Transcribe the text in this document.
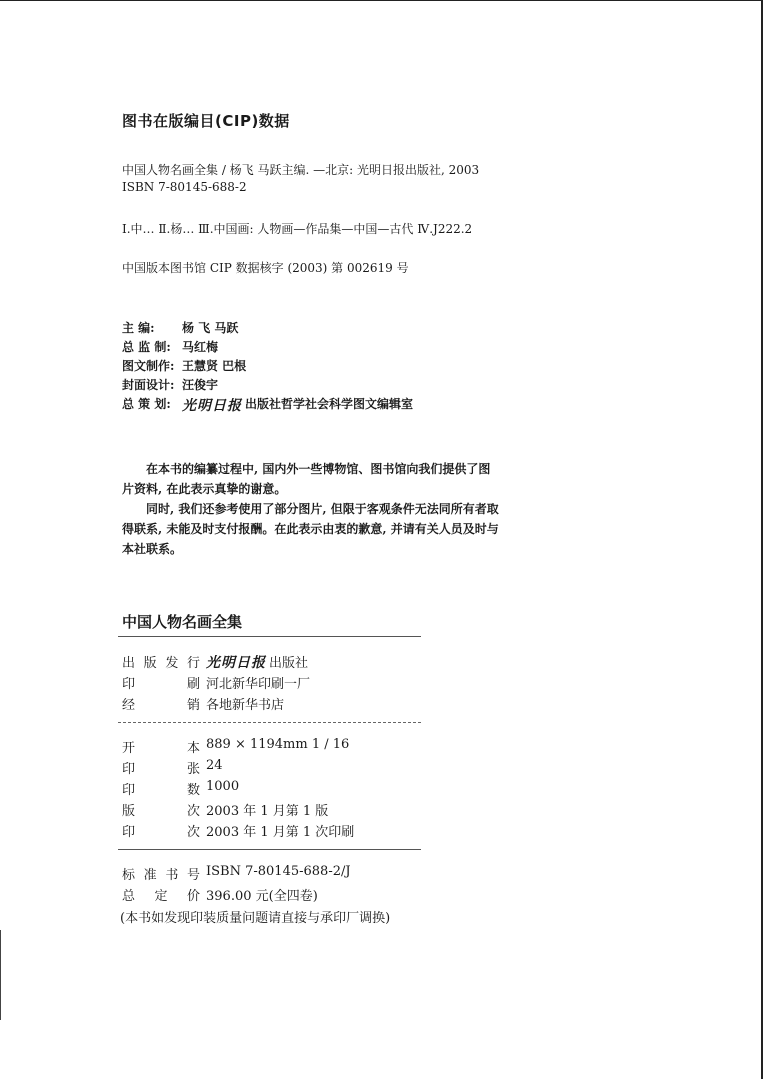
图书在版编目(CIP)数据
中国人物名画全集 / 杨飞 马跃主编. —北京: 光明日报出版社, 2003
ISBN 7-80145-688-2
Ⅰ.中… Ⅱ.杨… Ⅲ.中国画: 人物画—作品集—中国—古代 Ⅳ.J222.2
中国版本图书馆 CIP 数据核字 (2003) 第 002619 号
主 编:	杨 飞 马跃
总 监 制: 马红梅
图文制作: 王慧贤 巴根
封面设计: 汪俊宇
总 策 划: 光明日报 出版社哲学社会科学图文编辑室

在本书的编纂过程中, 国内外一些博物馆、图书馆向我们提供了图片资料, 在此表示真挚的谢意。

同时, 我们还参考使用了部分图片, 但限于客观条件无法同所有者取得联系, 未能及时支付报酬。在此表示由衷的歉意, 并请有关人员及时与本社联系。

中国人物名画全集
出版发行 光明日报 出版社
印刷 河北新华印刷一厂
经销 各地新华书店
开本 889 × 1194mm 1 / 16
印张 24
印数 1000
版次 2003 年 1 月第 1 版
印次 2003 年 1 月第 1 次印刷
标准书号 ISBN 7-80145-688-2/J
总定价 396.00 元(全四卷)
(本书如发现印装质量问题请直接与承印厂调换)
